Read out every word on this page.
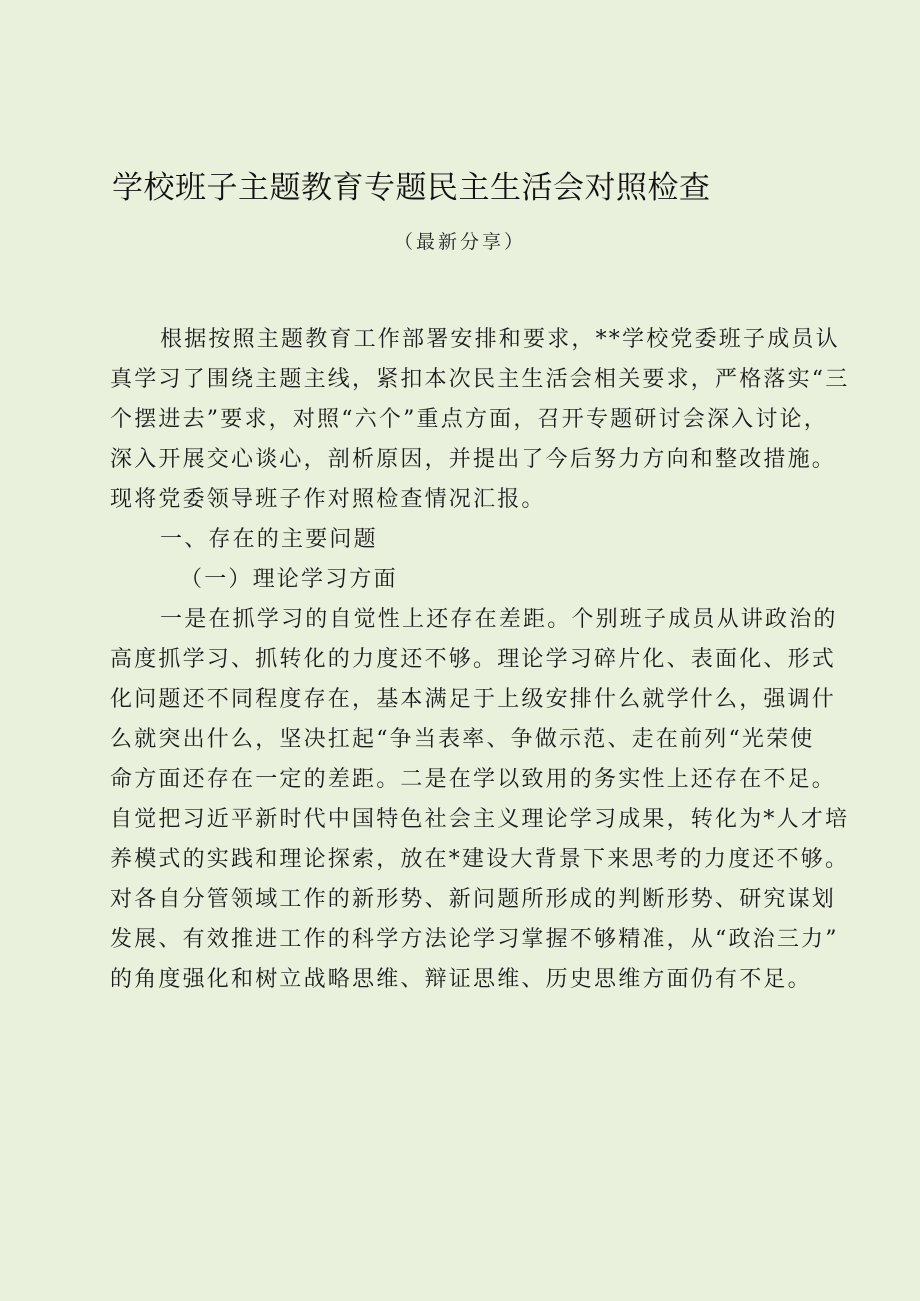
学校班子主题教育专题民主生活会对照检查
（最新分享）
根据按照主题教育工作部署安排和要求，**学校党委班子成员认
真学习了围绕主题主线，紧扣本次民主生活会相关要求，严格落实“三
个摆进去”要求，对照“六个”重点方面，召开专题研讨会深入讨论，
深入开展交心谈心，剖析原因，并提出了今后努力方向和整改措施。
现将党委领导班子作对照检查情况汇报。
一、存在的主要问题
（一）理论学习方面
一是在抓学习的自觉性上还存在差距。个别班子成员从讲政治的
高度抓学习、抓转化的力度还不够。理论学习碎片化、表面化、形式
化问题还不同程度存在，基本满足于上级安排什么就学什么，强调什
么就突出什么，坚决扛起“争当表率、争做示范、走在前列“光荣使
命方面还存在一定的差距。二是在学以致用的务实性上还存在不足。
自觉把习近平新时代中国特色社会主义理论学习成果，转化为*人才培
养模式的实践和理论探索，放在*建设大背景下来思考的力度还不够。
对各自分管领域工作的新形势、新问题所形成的判断形势、研究谋划
发展、有效推进工作的科学方法论学习掌握不够精准，从“政治三力”
的角度强化和树立战略思维、辩证思维、历史思维方面仍有不足。
